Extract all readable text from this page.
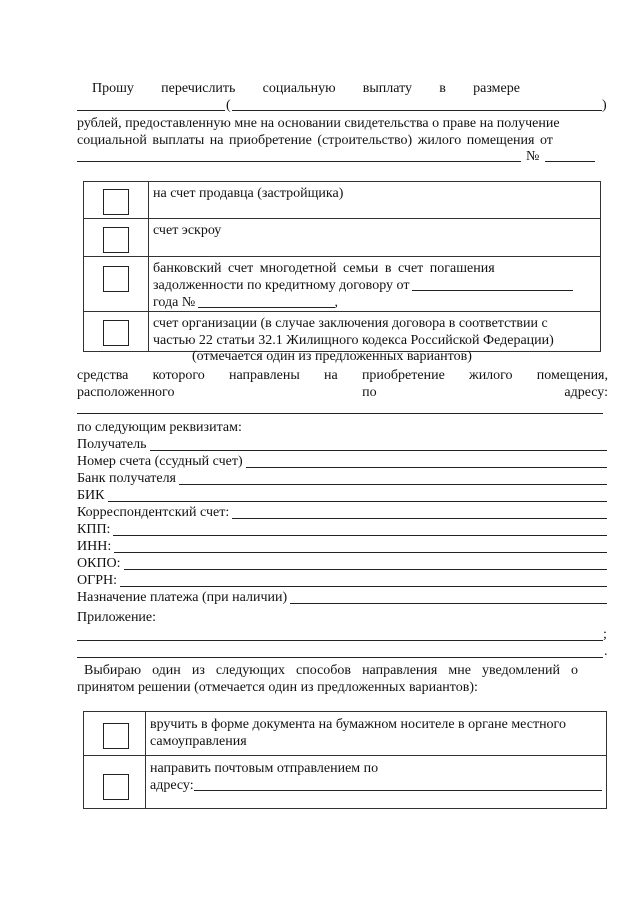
Прошу перечислить социальную выплату в размере
(	)
рублей, предоставленную мне на основании свидетельства о праве на получение
социальной выплаты на приобретение (строительство) жилого помещения от
№

	на счет продавца (застройщика)

	счет эскроу

	банковский счет многодетной семьи в счет погашения
задолженности по кредитному договору от
года № ,

	счет организации (в случае заключения договора в соответствии с
частью 22 статьи 32.1 Жилищного кодекса Российской Федерации)
(отмечается один из предложенных вариантов)
средства которого направлены на приобретение жилого помещения,
расположенного	по	адресу:
по следующим реквизитам:
Получатель
Номер счета (ссудный счет)
Банк получателя
БИК
Корреспондентский счет:
КПП:
ИНН:
ОКПО:
ОГРН:
Назначение платежа (при наличии)
Приложение:
;
.
Выбираю один из следующих способов направления мне уведомлений о
принятом решении (отмечается один из предложенных вариантов):

	вручить в форме документа на бумажном носителе в органе местного
самоуправления

	направить почтовым отправлением по
адресу:
